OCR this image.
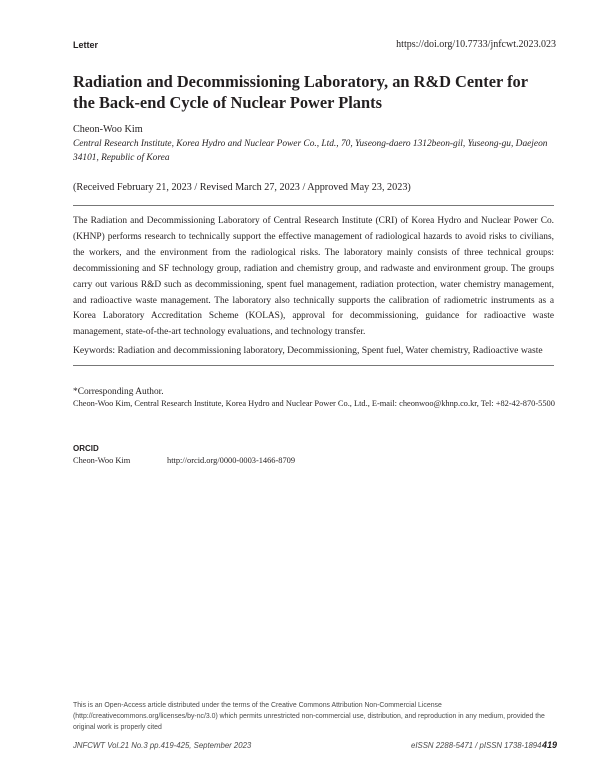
Letter	https://doi.org/10.7733/jnfcwt.2023.023
Radiation and Decommissioning Laboratory, an R&D Center for the Back-end Cycle of Nuclear Power Plants
Cheon-Woo Kim
Central Research Institute, Korea Hydro and Nuclear Power Co., Ltd., 70, Yuseong-daero 1312beon-gil, Yuseong-gu, Daejeon 34101, Republic of Korea
(Received February 21, 2023 / Revised March 27, 2023 / Approved May 23, 2023)

The Radiation and Decommissioning Laboratory of Central Research Institute (CRI) of Korea Hydro and Nuclear Power Co. (KHNP) performs research to technically support the effective management of radiological hazards to avoid risks to civilians, the workers, and the environment from the radiological risks. The laboratory mainly consists of three technical groups: decommissioning and SF technology group, radiation and chemistry group, and radwaste and environment group. The groups carry out various R&D such as decommissioning, spent fuel management, radiation protection, water chemistry management, and radioactive waste management. The laboratory also technically supports the calibration of radiometric instruments as a Korea Laboratory Accreditation Scheme (KOLAS), approval for decommissioning, guidance for radioactive waste management, state-of-the-art technology evaluations, and technology transfer.

Keywords: Radiation and decommissioning laboratory, Decommissioning, Spent fuel, Water chemistry, Radioactive waste
*Corresponding Author.
Cheon-Woo Kim, Central Research Institute, Korea Hydro and Nuclear Power Co., Ltd., E-mail: cheonwoo@khnp.co.kr, Tel: +82-42-870-5500
ORCID
Cheon-Woo Kim	http://orcid.org/0000-0003-1466-8709
This is an Open-Access article distributed under the terms of the Creative Commons Attribution Non-Commercial License (http://creativecommons.org/licenses/by-nc/3.0) which permits unrestricted non-commercial use, distribution, and reproduction in any medium, provided the original work is properly cited
JNFCWT Vol.21 No.3 pp.419-425, September 2023	eISSN 2288-5471 / pISSN 1738-1894 419
